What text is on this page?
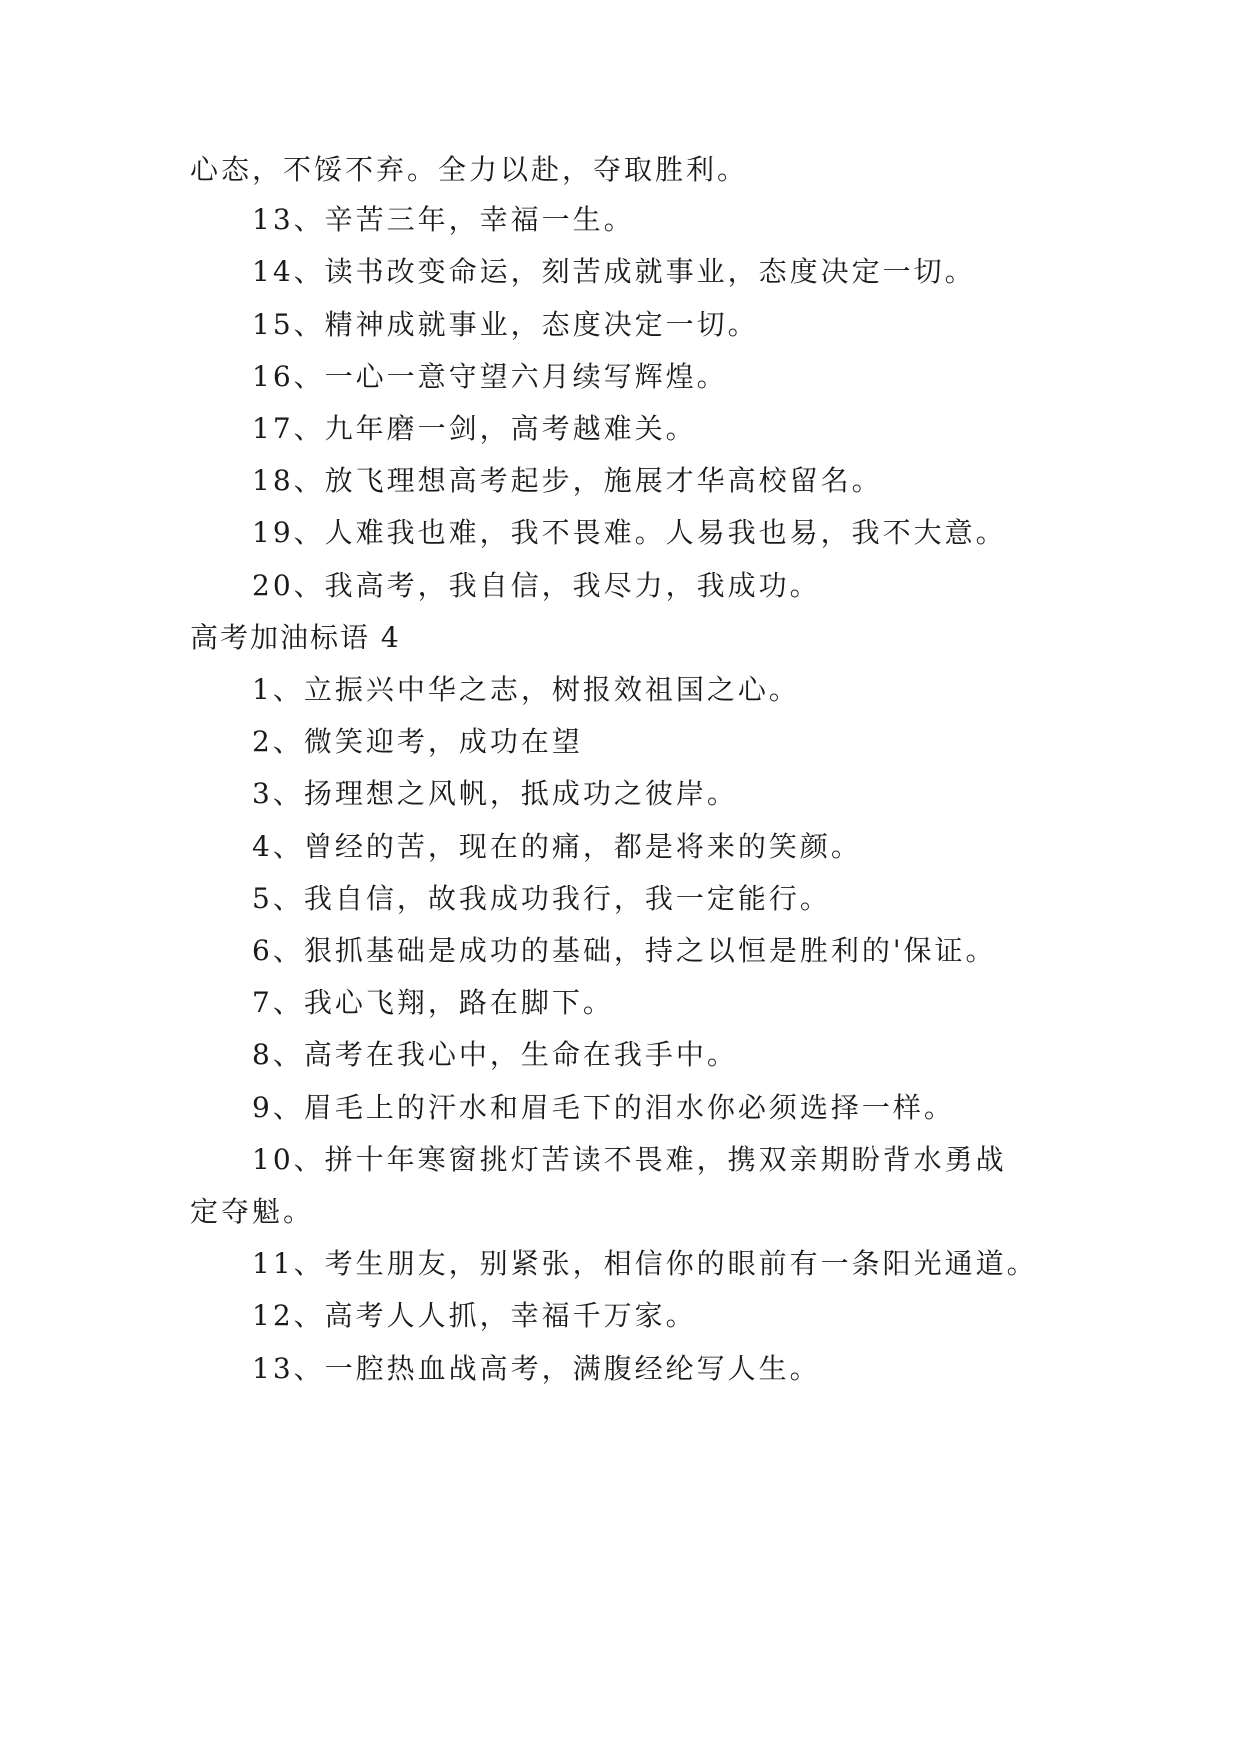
心态，不馁不弃。全力以赴，夺取胜利。
13、辛苦三年，幸福一生。
14、读书改变命运，刻苦成就事业，态度决定一切。
15、精神成就事业，态度决定一切。
16、一心一意守望六月续写辉煌。
17、九年磨一剑，高考越难关。
18、放飞理想高考起步，施展才华高校留名。
19、人难我也难，我不畏难。人易我也易，我不大意。
20、我高考，我自信，我尽力，我成功。
高考加油标语 4
1、立振兴中华之志，树报效祖国之心。
2、微笑迎考，成功在望
3、扬理想之风帆，抵成功之彼岸。
4、曾经的苦，现在的痛，都是将来的笑颜。
5、我自信，故我成功我行，我一定能行。
6、狠抓基础是成功的基础，持之以恒是胜利的'保证。
7、我心飞翔，路在脚下。
8、高考在我心中，生命在我手中。
9、眉毛上的汗水和眉毛下的泪水你必须选择一样。
10、拼十年寒窗挑灯苦读不畏难，携双亲期盼背水勇战
定夺魁。
11、考生朋友，别紧张，相信你的眼前有一条阳光通道。
12、高考人人抓，幸福千万家。
13、一腔热血战高考，满腹经纶写人生。
